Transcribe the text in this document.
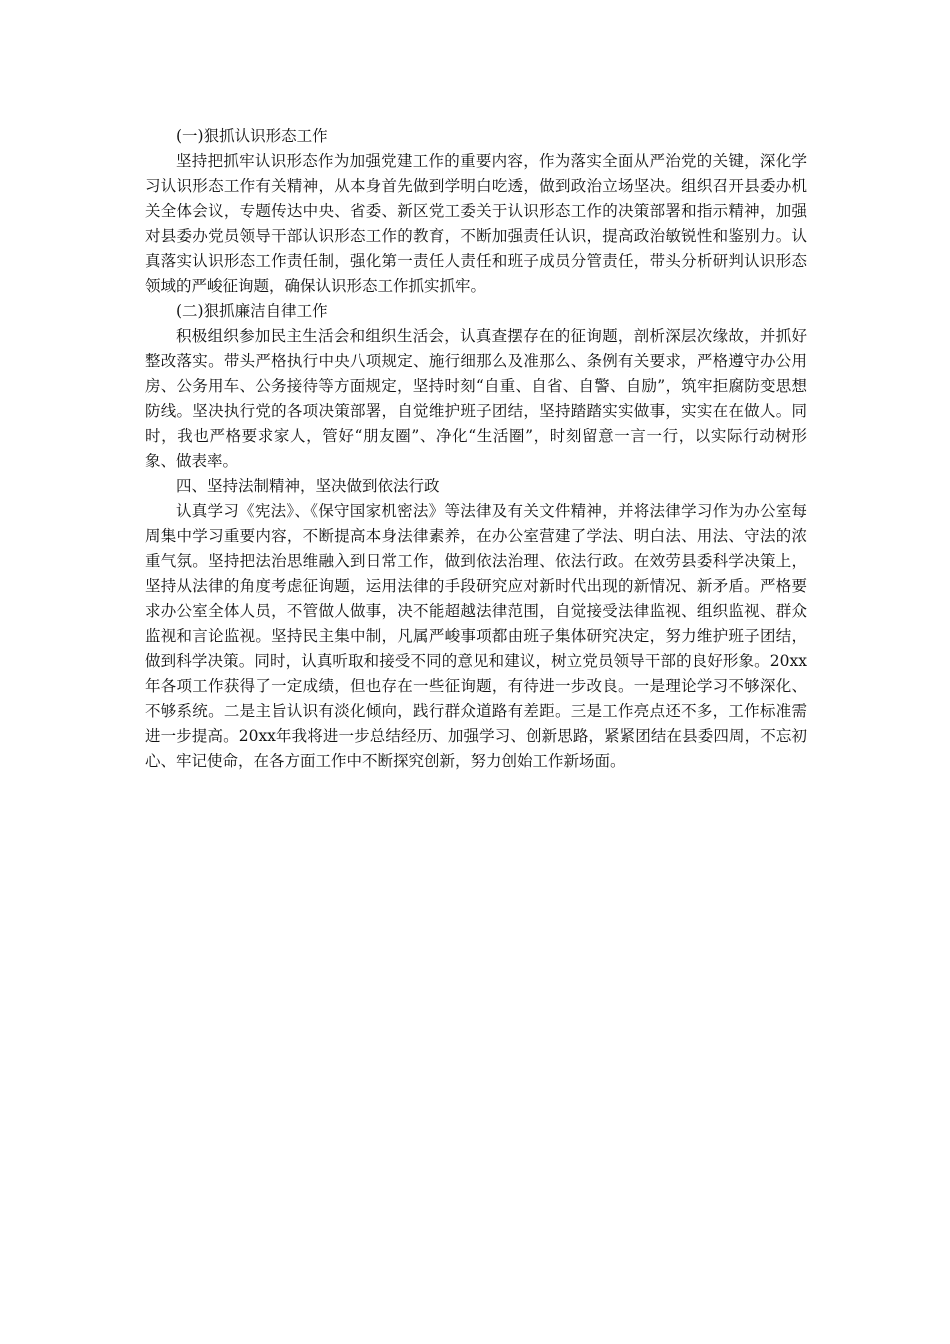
(一)狠抓认识形态工作

坚持把抓牢认识形态作为加强党建工作的重要内容，作为落实全面从严治党的关键，深化学习认识形态工作有关精神，从本身首先做到学明白吃透，做到政治立场坚决。组织召开县委办机关全体会议，专题传达中央、省委、新区党工委关于认识形态工作的决策部署和指示精神，加强对县委办党员领导干部认识形态工作的教育，不断加强责任认识，提高政治敏锐性和鉴别力。认真落实认识形态工作责任制，强化第一责任人责任和班子成员分管责任，带头分析研判认识形态领域的严峻征询题，确保认识形态工作抓实抓牢。

(二)狠抓廉洁自律工作

积极组织参加民主生活会和组织生活会，认真查摆存在的征询题，剖析深层次缘故，并抓好整改落实。带头严格执行中央八项规定、施行细那么及准那么、条例有关要求，严格遵守办公用房、公务用车、公务接待等方面规定，坚持时刻“自重、自省、自警、自励”，筑牢拒腐防变思想防线。坚决执行党的各项决策部署，自觉维护班子团结，坚持踏踏实实做事，实实在在做人。同时，我也严格要求家人，管好“朋友圈”、净化“生活圈”，时刻留意一言一行，以实际行动树形象、做表率。

四、坚持法制精神，坚决做到依法行政

认真学习《宪法》、《保守国家机密法》等法律及有关文件精神，并将法律学习作为办公室每周集中学习重要内容，不断提高本身法律素养，在办公室营建了学法、明白法、用法、守法的浓重气氛。坚持把法治思维融入到日常工作，做到依法治理、依法行政。在效劳县委科学决策上，坚持从法律的角度考虑征询题，运用法律的手段研究应对新时代出现的新情况、新矛盾。严格要求办公室全体人员，不管做人做事，决不能超越法律范围，自觉接受法律监视、组织监视、群众监视和言论监视。坚持民主集中制，凡属严峻事项都由班子集体研究决定，努力维护班子团结，做到科学决策。同时，认真听取和接受不同的意见和建议，树立党员领导干部的良好形象。20xx年各项工作获得了一定成绩，但也存在一些征询题，有待进一步改良。一是理论学习不够深化、不够系统。二是主旨认识有淡化倾向，践行群众道路有差距。三是工作亮点还不多，工作标准需进一步提高。20xx年我将进一步总结经历、加强学习、创新思路，紧紧团结在县委四周，不忘初心、牢记使命，在各方面工作中不断探究创新，努力创始工作新场面。
